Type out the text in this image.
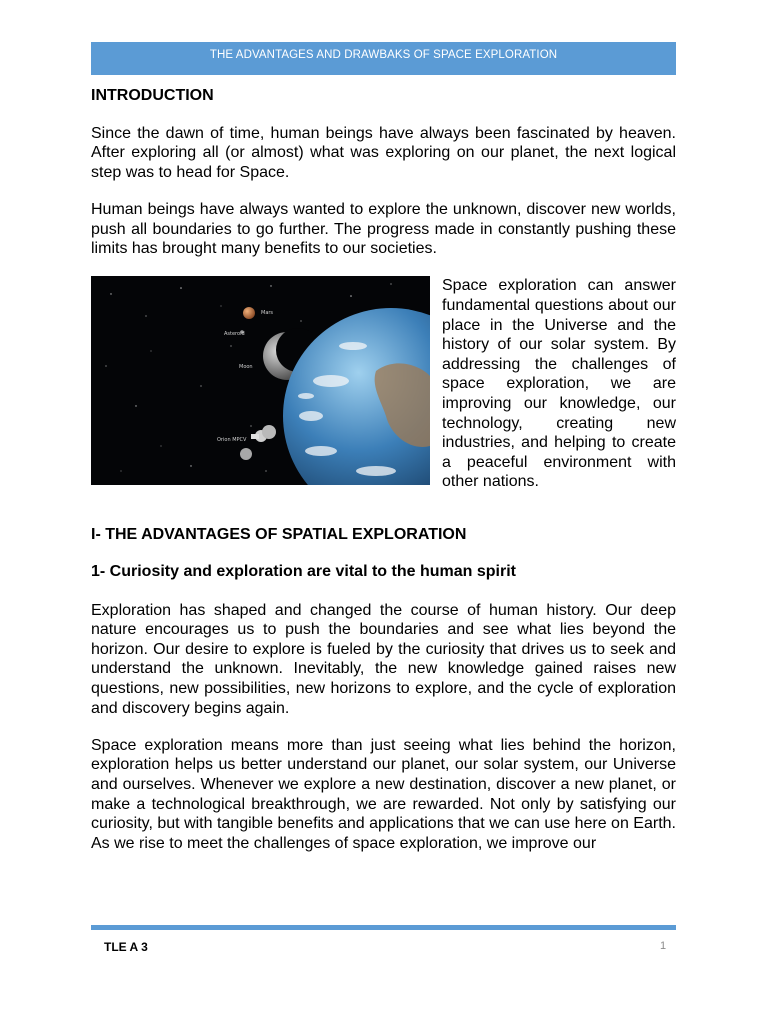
THE ADVANTAGES AND DRAWBAKS OF SPACE EXPLORATION
INTRODUCTION

Since the dawn of time, human beings have always been fascinated by heaven. After exploring all (or almost) what was exploring on our planet, the next logical step was to head for Space.

Human beings have always wanted to explore the unknown, discover new worlds, push all boundaries to go further. The progress made in constantly pushing these limits has brought many benefits to our societies.

Mars
Asteroid
Moon
Orion MPCV

Space exploration can answer fundamental questions about our place in the Universe and the history of our solar system. By addressing the challenges of space exploration, we are improving our knowledge, our technology, creating new industries, and helping to create a peaceful environment with other nations.

I- THE ADVANTAGES OF SPATIAL EXPLORATION
1- Curiosity and exploration are vital to the human spirit

Exploration has shaped and changed the course of human history. Our deep nature encourages us to push the boundaries and see what lies beyond the horizon. Our desire to explore is fueled by the curiosity that drives us to seek and understand the unknown. Inevitably, the new knowledge gained raises new questions, new possibilities, new horizons to explore, and the cycle of exploration and discovery begins again.

Space exploration means more than just seeing what lies behind the horizon, exploration helps us better understand our planet, our solar system, our Universe and ourselves. Whenever we explore a new destination, discover a new planet, or make a technological breakthrough, we are rewarded. Not only by satisfying our curiosity, but with tangible benefits and applications that we can use here on Earth. As we rise to meet the challenges of space exploration, we improve our

TLE A 3	1
